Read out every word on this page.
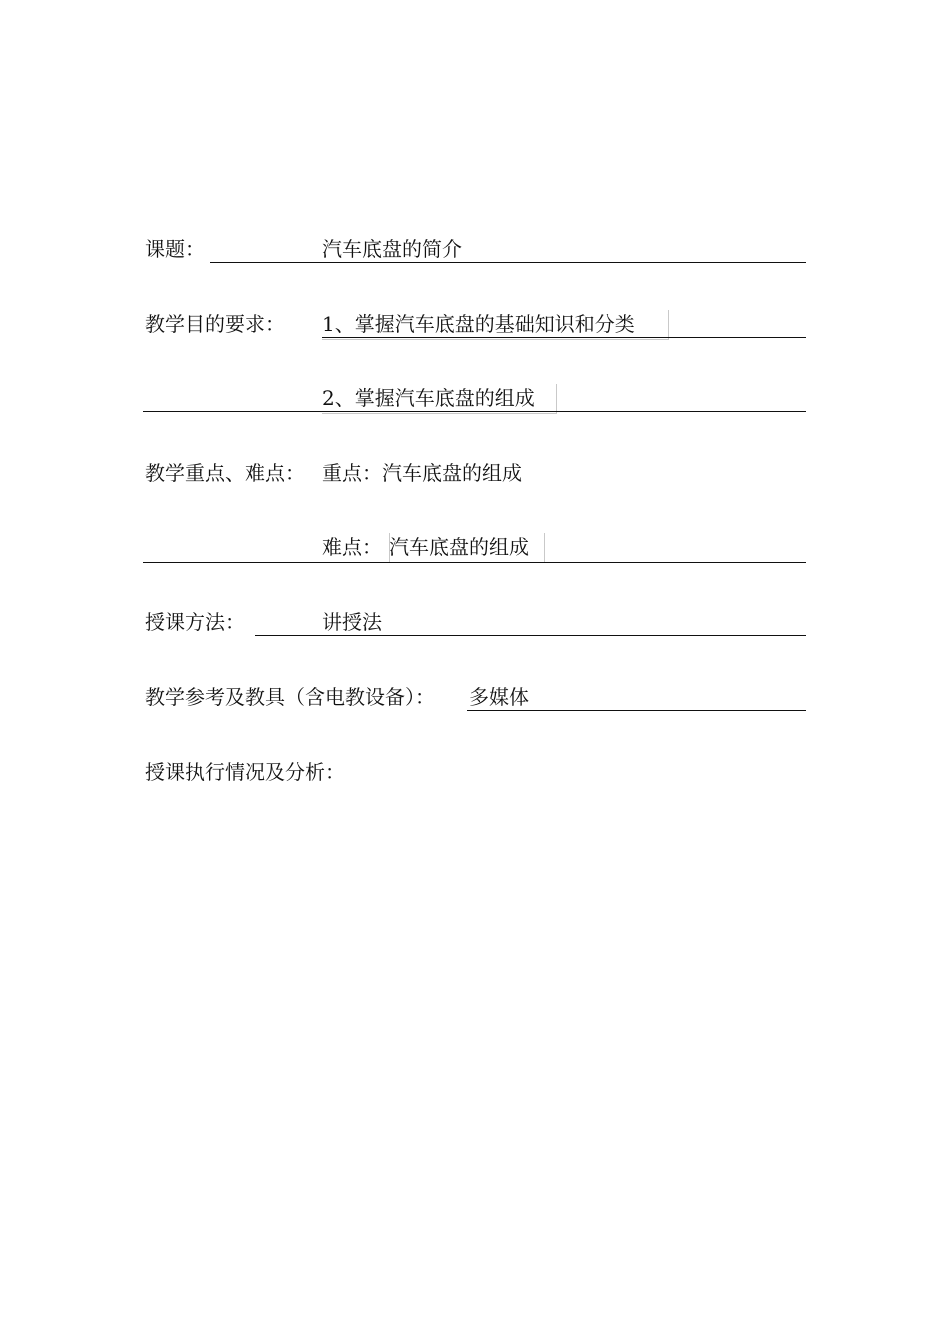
课题：	汽车底盘的简介
教学目的要求： 1、掌握汽车底盘的基础知识和分类
2、掌握汽车底盘的组成
教学重点、难点： 重点：汽车底盘的组成
难点： 汽车底盘的组成
授课方法：	讲授法
教学参考及教具（含电教设备）： 多媒体
授课执行情况及分析：
